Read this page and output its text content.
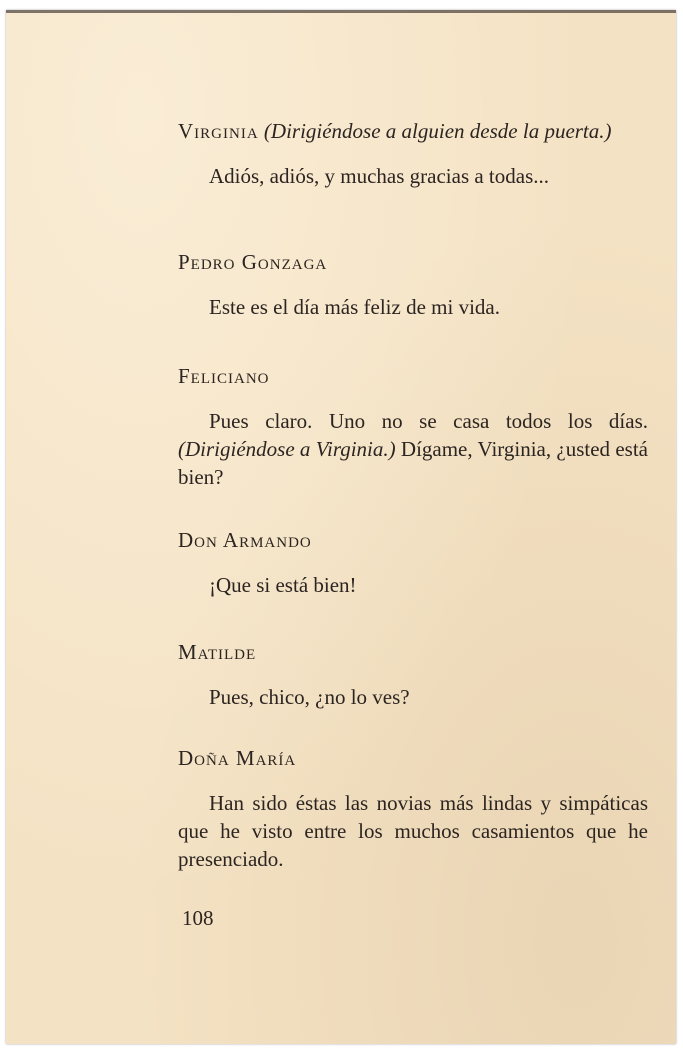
Virginia (Dirigiéndose a alguien desde la puerta.)

Adiós, adiós, y muchas gracias a todas...

Pedro Gonzaga

Este es el día más feliz de mi vida.

Feliciano

Pues claro. Uno no se casa todos los días. (Dirigiéndose a Virginia.) Dígame, Virginia, ¿usted está bien?

Don Armando

¡Que si está bien!

Matilde

Pues, chico, ¿no lo ves?

Doña María

Han sido éstas las novias más lindas y simpáticas que he visto entre los muchos casamientos que he presenciado.

108
